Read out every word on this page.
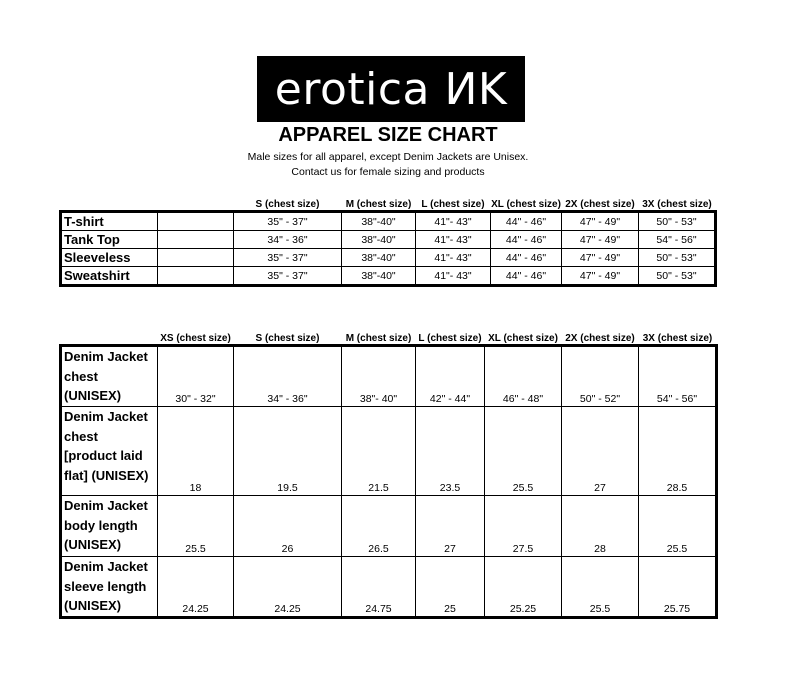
erotica ИK
APPAREL SIZE CHART
Male sizes for all apparel, except Denim Jackets are Unisex.
Contact us for female sizing and products
		S (chest size)	M (chest size)	L (chest size)	XL (chest size)	2X (chest size)	3X (chest size)
T-shirt		35" - 37"	38"-40"	41"- 43"	44" - 46"	47" - 49"	50" - 53"
Tank Top		34" - 36"	38"-40"	41"- 43"	44" - 46"	47" - 49"	54" - 56"
Sleeveless		35" - 37"	38"-40"	41"- 43"	44" - 46"	47" - 49"	50" - 53"
Sweatshirt		35" - 37"	38"-40"	41"- 43"	44" - 46"	47" - 49"	50" - 53"
	XS (chest size)	S (chest size)	M (chest size)	L (chest size)	XL (chest size)	2X (chest size)	3X (chest size)

Denim Jacket
chest
(UNISEX)	30" - 32"	34" - 36"	38"- 40"	42" - 44"	46" - 48"	50" - 52"	54" - 56"

Denim Jacket
chest
[product laid
flat] (UNISEX)	18	19.5	21.5	23.5	25.5	27	28.5

Denim Jacket
body length
(UNISEX)	25.5	26	26.5	27	27.5	28	25.5

Denim Jacket
sleeve length
(UNISEX)	24.25	24.25	24.75	25	25.25	25.5	25.75
